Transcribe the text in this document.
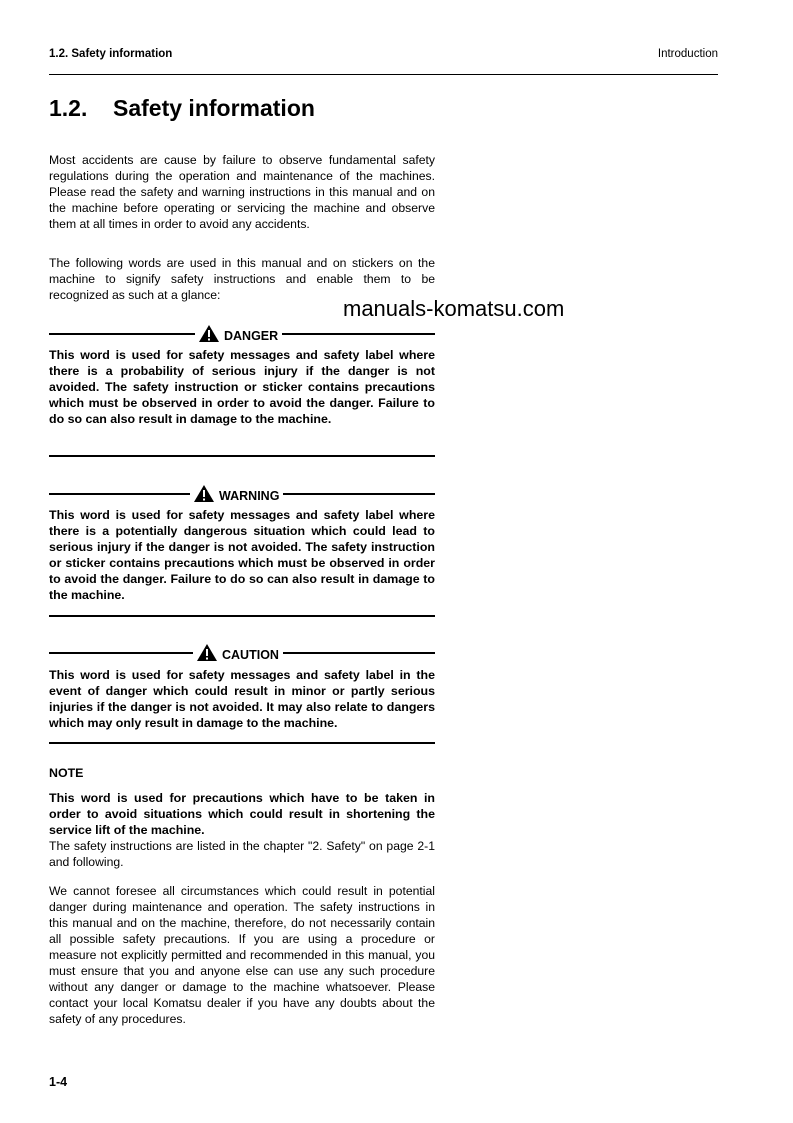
1.2. Safety information	Introduction
1.2. Safety information

Most accidents are cause by failure to observe fundamental safety regulations during the operation and maintenance of the machines. Please read the safety and warning instructions in this manual and on the machine before operating or servicing the machine and observe them at all times in order to avoid any accidents.

The following words are used in this manual and on stickers on the machine to signify safety instructions and enable them to be recognized as such at a glance:

manuals-komatsu.com
DANGER
This word is used for safety messages and safety label where there is a probability of serious injury if the danger is not avoided. The safety instruction or sticker contains precautions which must be observed in order to avoid the danger. Failure to do so can also result in damage to the machine.
WARNING
This word is used for safety messages and safety label where there is a potentially dangerous situation which could lead to serious injury if the danger is not avoided. The safety instruction or sticker contains precautions which must be observed in order to avoid the danger. Failure to do so can also result in damage to the machine.
CAUTION
This word is used for safety messages and safety label in the event of danger which could result in minor or partly serious injuries if the danger is not avoided. It may also relate to dangers which may only result in damage to the machine.
NOTE
This word is used for precautions which have to be taken in order to avoid situations which could result in shortening the service lift of the machine.

The safety instructions are listed in the chapter "2. Safety" on page 2-1 and following.

We cannot foresee all circumstances which could result in potential danger during maintenance and operation. The safety instructions in this manual and on the machine, therefore, do not necessarily contain all possible safety precautions. If you are using a procedure or measure not explicitly permitted and recommended in this manual, you must ensure that you and anyone else can use any such procedure without any danger or damage to the machine whatsoever. Please contact your local Komatsu dealer if you have any doubts about the safety of any procedures.

1-4
